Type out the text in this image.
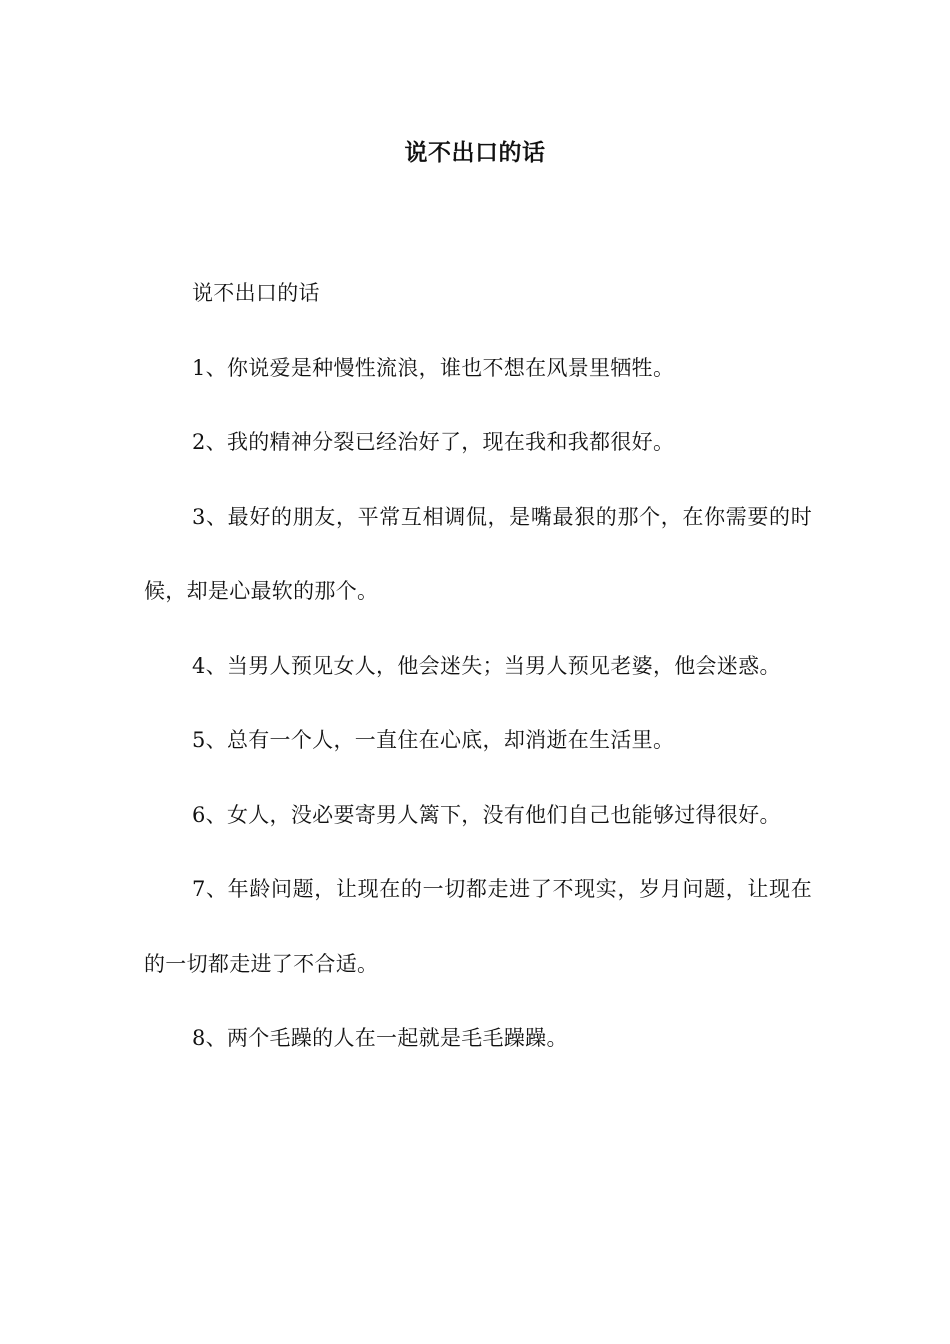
说不出口的话

说不出口的话

1、你说爱是种慢性流浪，谁也不想在风景里牺牲。

2、我的精神分裂已经治好了，现在我和我都很好。

3、最好的朋友，平常互相调侃，是嘴最狠的那个，在你需要的时候，却是心最软的那个。

4、当男人预见女人，他会迷失；当男人预见老婆，他会迷惑。

5、总有一个人，一直住在心底，却消逝在生活里。

6、女人，没必要寄男人篱下，没有他们自己也能够过得很好。

7、年龄问题，让现在的一切都走进了不现实，岁月问题，让现在的一切都走进了不合适。

8、两个毛躁的人在一起就是毛毛躁躁。
